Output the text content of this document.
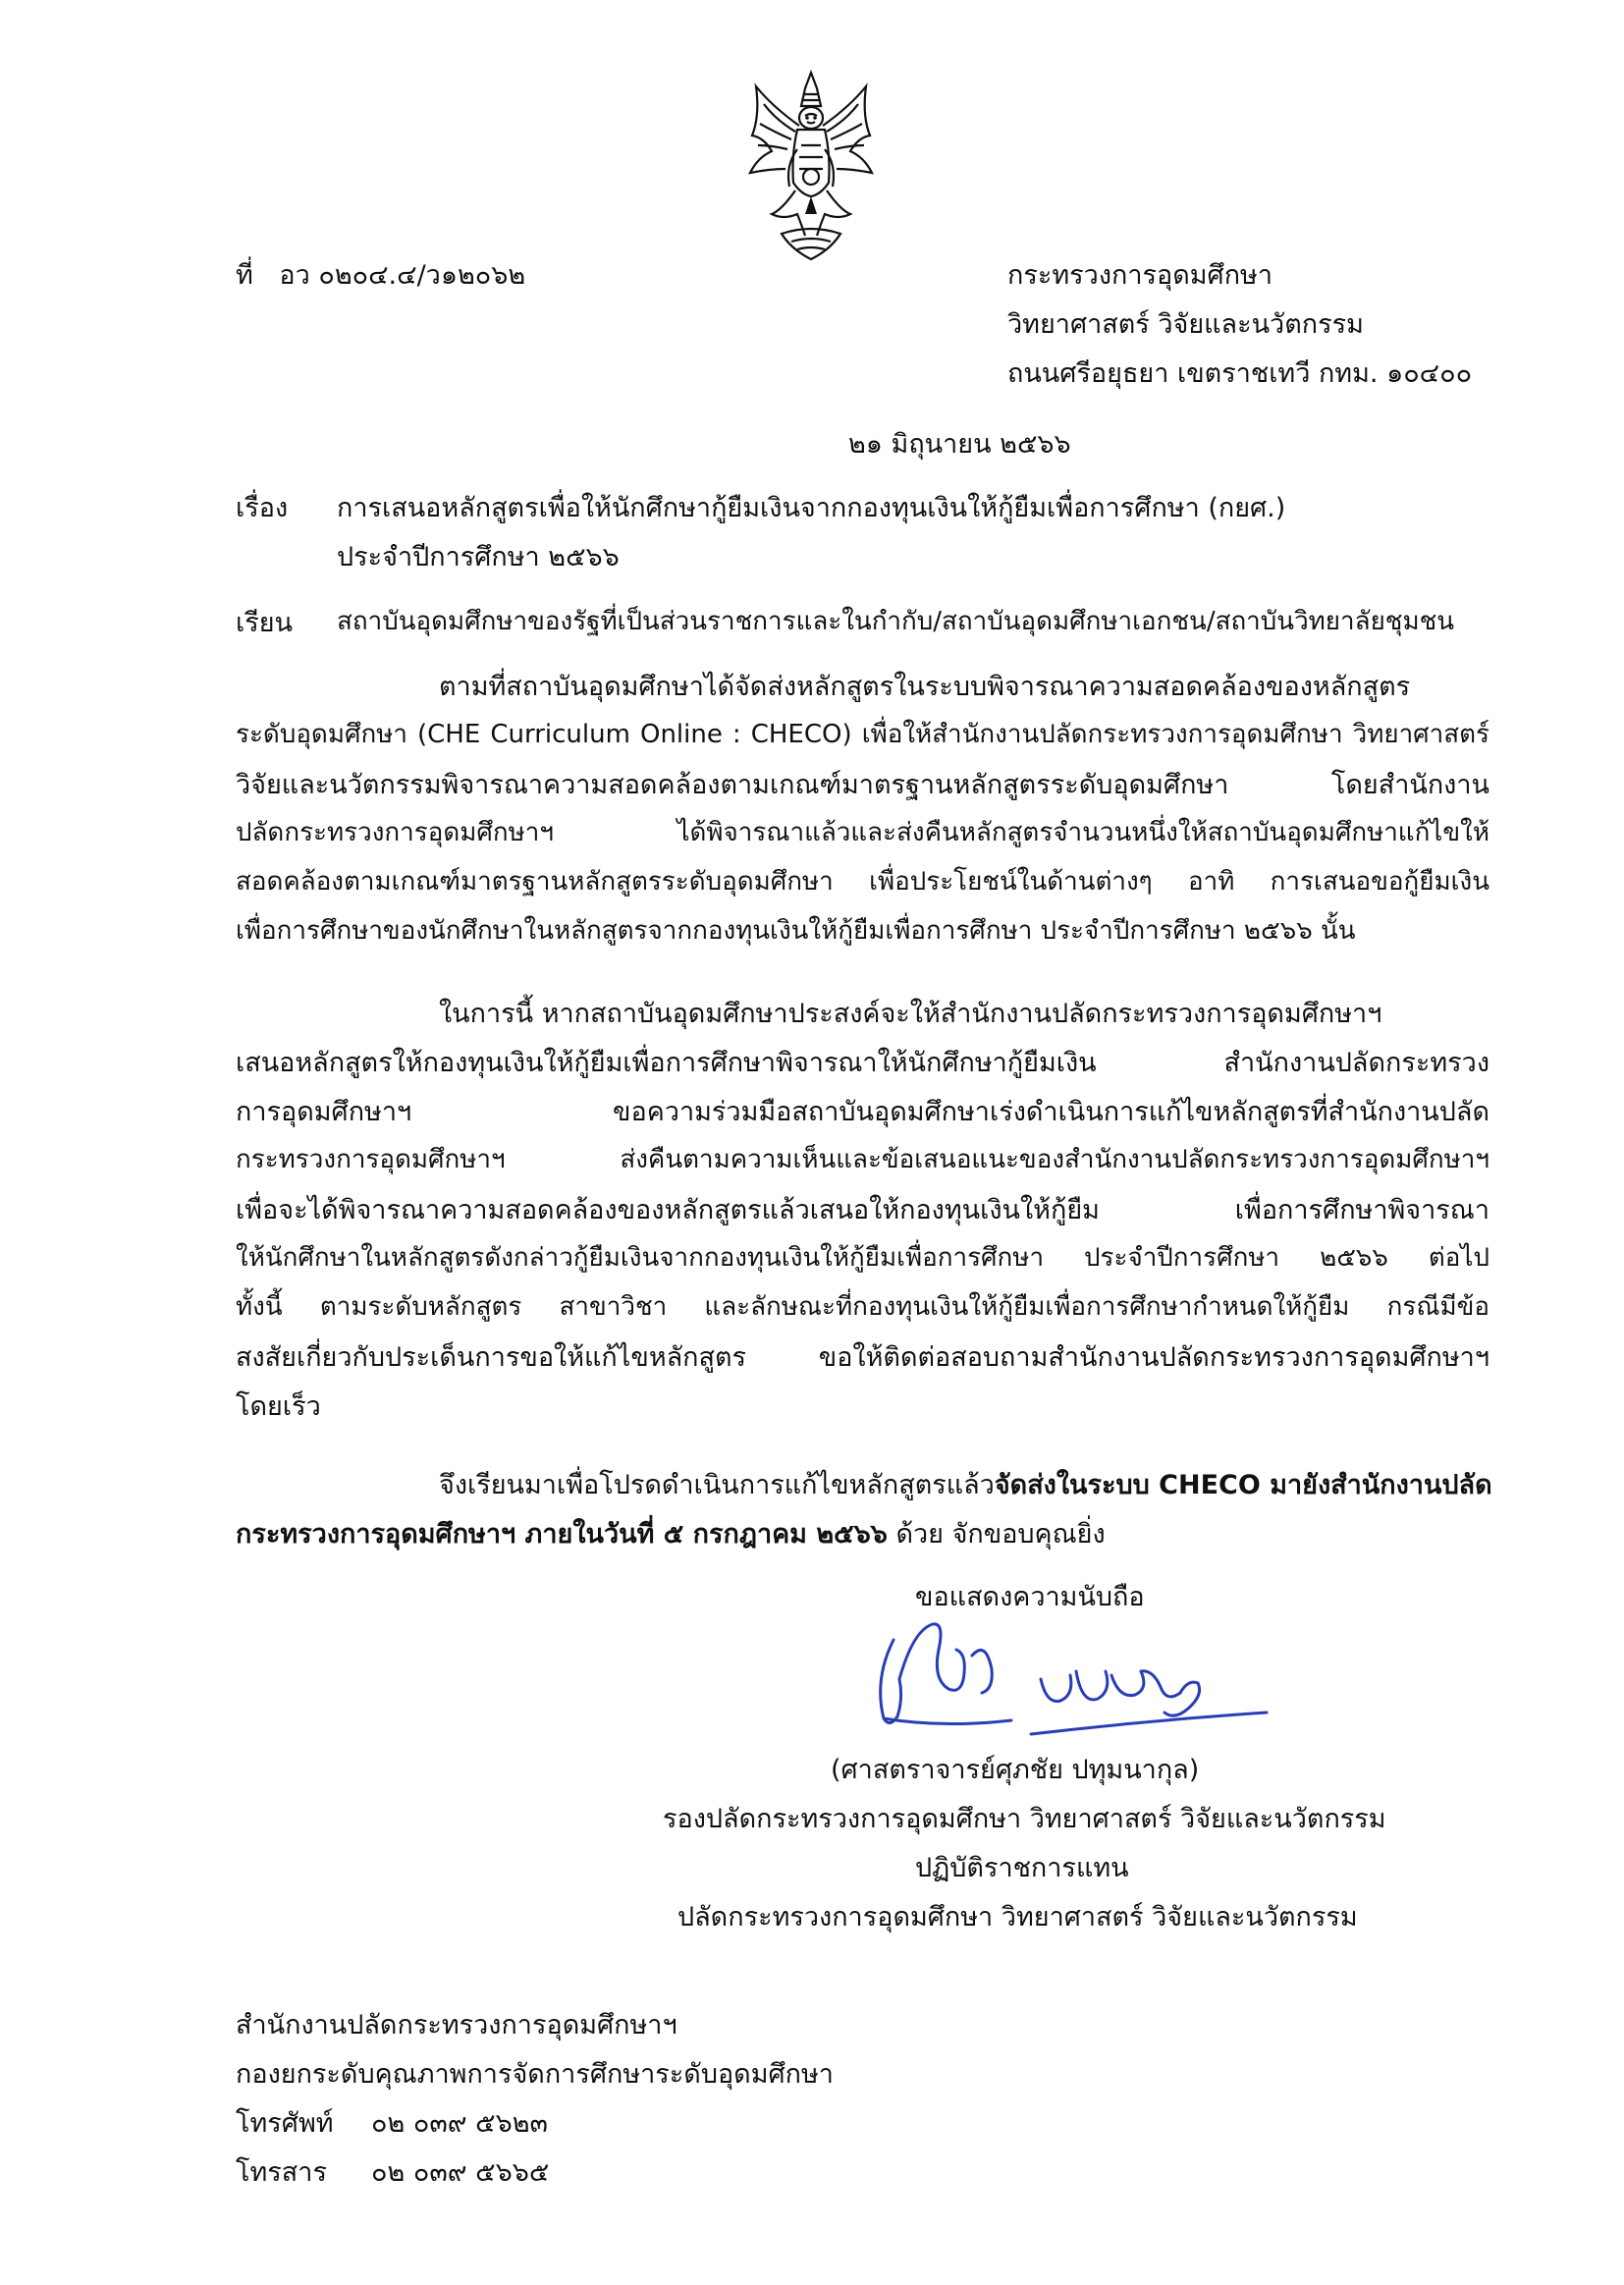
ที่ อว ๐๒๐๔.๔/ว๑๒๐๖๒	กระทรวงการอุดมศึกษา
วิทยาศาสตร์ วิจัยและนวัตกรรม
ถนนศรีอยุธยา เขตราชเทวี กทม. ๑๐๔๐๐
๒๑ มิถุนายน ๒๕๖๖
เรื่อง การเสนอหลักสูตรเพื่อให้นักศึกษากู้ยืมเงินจากกองทุนเงินให้กู้ยืมเพื่อการศึกษา (กยศ.)
ประจำปีการศึกษา ๒๕๖๖
เรียน สถาบันอุดมศึกษาของรัฐที่เป็นส่วนราชการและในกำกับ/สถาบันอุดมศึกษาเอกชน/สถาบันวิทยาลัยชุมชน
ตามที่สถาบันอุดมศึกษาได้จัดส่งหลักสูตรในระบบพิจารณาความสอดคล้องของหลักสูตร
ระดับอุดมศึกษา (CHE Curriculum Online : CHECO) เพื่อให้สำนักงานปลัดกระทรวงการอุดมศึกษา วิทยาศาสตร์
วิจัยและนวัตกรรมพิจารณาความสอดคล้องตามเกณฑ์มาตรฐานหลักสูตรระดับอุดมศึกษา โดยสำนักงาน
ปลัดกระทรวงการอุดมศึกษาฯ ได้พิจารณาแล้วและส่งคืนหลักสูตรจำนวนหนึ่งให้สถาบันอุดมศึกษาแก้ไขให้
สอดคล้องตามเกณฑ์มาตรฐานหลักสูตรระดับอุดมศึกษา เพื่อประโยชน์ในด้านต่างๆ อาทิ การเสนอขอกู้ยืมเงิน
เพื่อการศึกษาของนักศึกษาในหลักสูตรจากกองทุนเงินให้กู้ยืมเพื่อการศึกษา ประจำปีการศึกษา ๒๕๖๖ นั้น
ในการนี้ หากสถาบันอุดมศึกษาประสงค์จะให้สำนักงานปลัดกระทรวงการอุดมศึกษาฯ
เสนอหลักสูตรให้กองทุนเงินให้กู้ยืมเพื่อการศึกษาพิจารณาให้นักศึกษากู้ยืมเงิน สำนักงานปลัดกระทรวง
การอุดมศึกษาฯ ขอความร่วมมือสถาบันอุดมศึกษาเร่งดำเนินการแก้ไขหลักสูตรที่สำนักงานปลัด
กระทรวงการอุดมศึกษาฯ ส่งคืนตามความเห็นและข้อเสนอแนะของสำนักงานปลัดกระทรวงการอุดมศึกษาฯ
เพื่อจะได้พิจารณาความสอดคล้องของหลักสูตรแล้วเสนอให้กองทุนเงินให้กู้ยืม เพื่อการศึกษาพิจารณา
ให้นักศึกษาในหลักสูตรดังกล่าวกู้ยืมเงินจากกองทุนเงินให้กู้ยืมเพื่อการศึกษา ประจำปีการศึกษา ๒๕๖๖ ต่อไป
ทั้งนี้ ตามระดับหลักสูตร สาขาวิชา และลักษณะที่กองทุนเงินให้กู้ยืมเพื่อการศึกษากำหนดให้กู้ยืม กรณีมีข้อ
สงสัยเกี่ยวกับประเด็นการขอให้แก้ไขหลักสูตร ขอให้ติดต่อสอบถามสำนักงานปลัดกระทรวงการอุดมศึกษาฯ
โดยเร็ว
จึงเรียนมาเพื่อโปรดดำเนินการแก้ไขหลักสูตรแล้วจัดส่งในระบบ CHECO มายังสำนักงานปลัด
กระทรวงการอุดมศึกษาฯ ภายในวันที่ ๕ กรกฎาคม ๒๕๖๖ ด้วย จักขอบคุณยิ่ง
ขอแสดงความนับถือ
(ศาสตราจารย์ศุภชัย ปทุมนากุล)
รองปลัดกระทรวงการอุดมศึกษา วิทยาศาสตร์ วิจัยและนวัตกรรม
ปฏิบัติราชการแทน
ปลัดกระทรวงการอุดมศึกษา วิทยาศาสตร์ วิจัยและนวัตกรรม
สำนักงานปลัดกระทรวงการอุดมศึกษาฯ
กองยกระดับคุณภาพการจัดการศึกษาระดับอุดมศึกษา
โทรศัพท์ ๐๒ ๐๓๙ ๕๖๒๓
โทรสาร ๐๒ ๐๓๙ ๕๖๖๕
